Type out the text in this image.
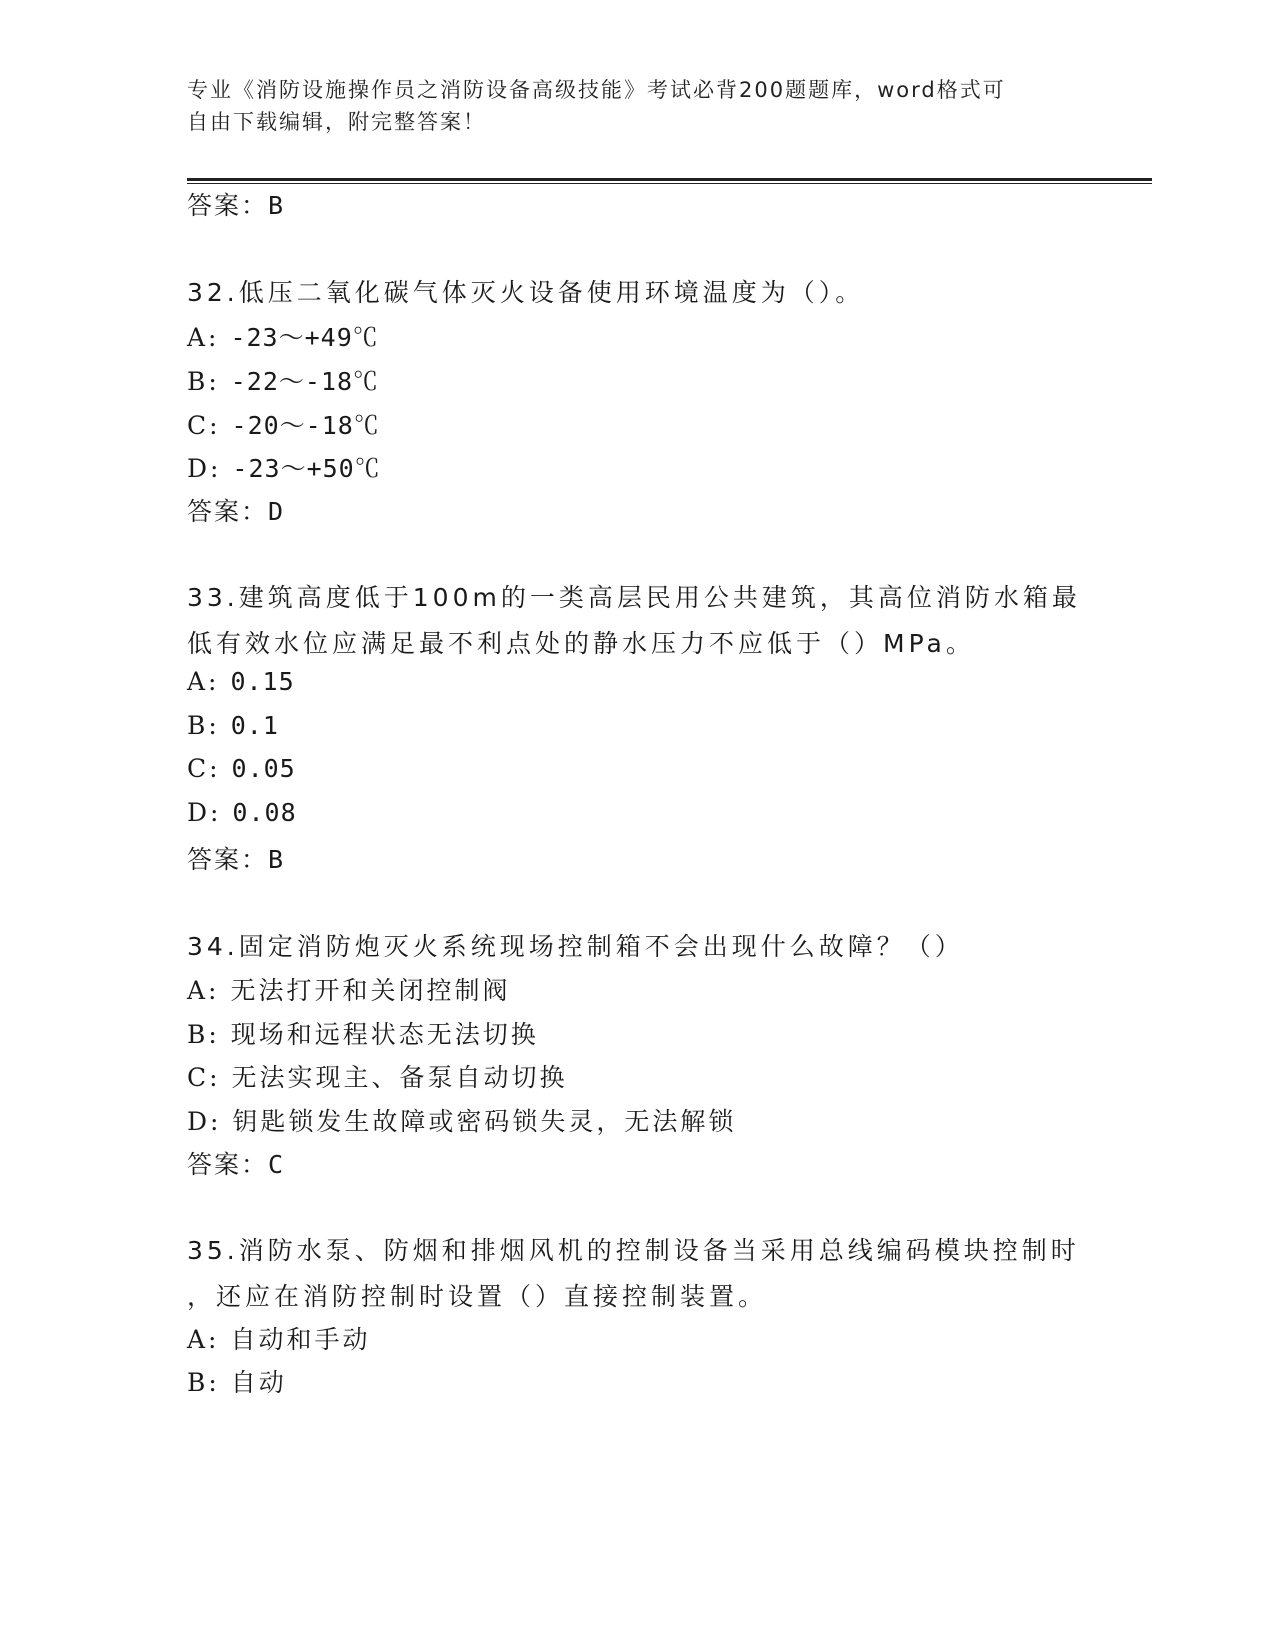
专业《消防设施操作员之消防设备高级技能》考试必背200题题库，word格式可
自由下载编辑，附完整答案！
答案：B
32.低压二氧化碳气体灭火设备使用环境温度为（）。
A: -23～+49℃
B: -22～-18℃
C: -20～-18℃
D: -23～+50℃
答案：D
33.建筑高度低于100m的一类高层民用公共建筑，其高位消防水箱最
低有效水位应满足最不利点处的静水压力不应低于（）MPa。
A: 0.15
B: 0.1
C: 0.05
D: 0.08
答案：B
34.固定消防炮灭火系统现场控制箱不会出现什么故障？（）
A: 无法打开和关闭控制阀
B: 现场和远程状态无法切换
C: 无法实现主、备泵自动切换
D: 钥匙锁发生故障或密码锁失灵，无法解锁
答案：C
35.消防水泵、防烟和排烟风机的控制设备当采用总线编码模块控制时
，还应在消防控制时设置（）直接控制装置。
A: 自动和手动
B: 自动
